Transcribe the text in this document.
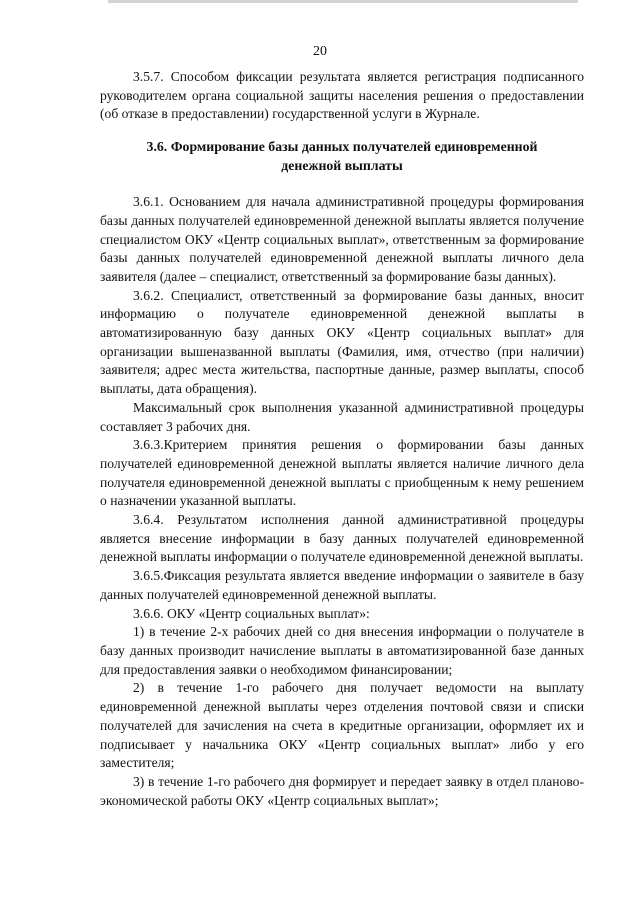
20

3.5.7. Способом фиксации результата является регистрация подписанного руководителем органа социальной защиты населения решения о предоставлении (об отказе в предоставлении) государственной услуги в Журнале.

3.6. Формирование базы данных получателей единовременной денежной выплаты

3.6.1. Основанием для начала административной процедуры формирования базы данных получателей единовременной денежной выплаты является получение специалистом ОКУ «Центр социальных выплат», ответственным за формирование базы данных получателей единовременной денежной выплаты личного дела заявителя (далее – специалист, ответственный за формирование базы данных).

3.6.2. Специалист, ответственный за формирование базы данных, вносит информацию о получателе единовременной денежной выплаты в автоматизированную базу данных ОКУ «Центр социальных выплат» для организации вышеназванной выплаты (Фамилия, имя, отчество (при наличии) заявителя; адрес места жительства, паспортные данные, размер выплаты, способ выплаты, дата обращения).

Максимальный срок выполнения указанной административной процедуры составляет 3 рабочих дня.

3.6.3.Критерием принятия решения о формировании базы данных получателей единовременной денежной выплаты является наличие личного дела получателя единовременной денежной выплаты с приобщенным к нему решением о назначении указанной выплаты.

3.6.4. Результатом исполнения данной административной процедуры является внесение информации в базу данных получателей единовременной денежной выплаты информации о получателе единовременной денежной выплаты.

3.6.5.Фиксация результата является введение информации о заявителе в базу данных получателей единовременной денежной выплаты.

3.6.6. ОКУ «Центр социальных выплат»:

1) в течение 2-х рабочих дней со дня внесения информации о получателе в базу данных производит начисление выплаты в автоматизированной базе данных для предоставления заявки о необходимом финансировании;

2) в течение 1-го рабочего дня получает ведомости на выплату единовременной денежной выплаты через отделения почтовой связи и списки получателей для зачисления на счета в кредитные организации, оформляет их и подписывает у начальника ОКУ «Центр социальных выплат» либо у его заместителя;

3) в течение 1-го рабочего дня формирует и передает заявку в отдел планово-экономической работы ОКУ «Центр социальных выплат»;
